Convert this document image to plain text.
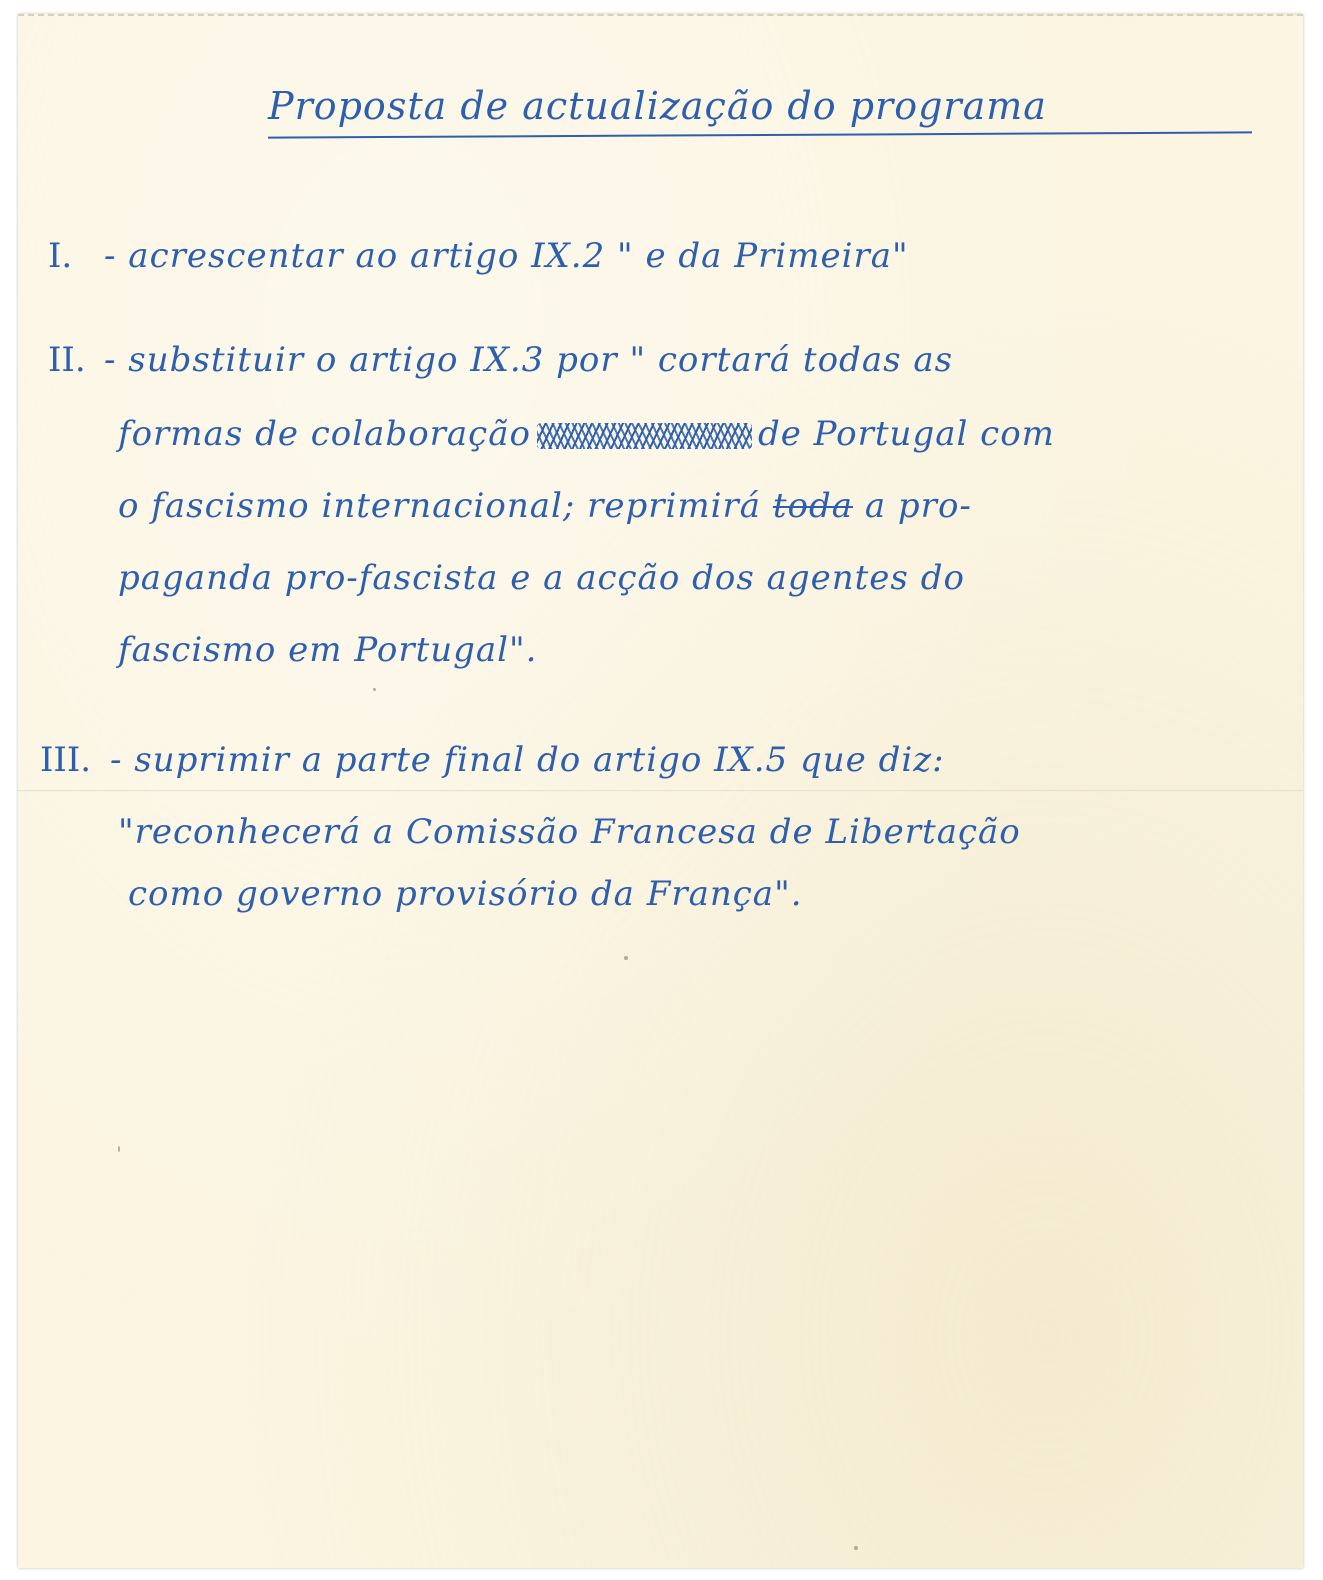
Proposta de actualização do programa
I. - acrescentar ao artigo IX.2 " e da Primeira"
II. - substituir o artigo IX.3 por " cortará todas as
formas de colaboração	de Portugal com
o fascismo internacional; reprimirá toda a pro-
paganda pro-fascista e a acção dos agentes do
fascismo em Portugal".
III. - suprimir a parte final do artigo IX.5 que diz:
"reconhecerá a Comissão Francesa de Libertação
como governo provisório da França".
